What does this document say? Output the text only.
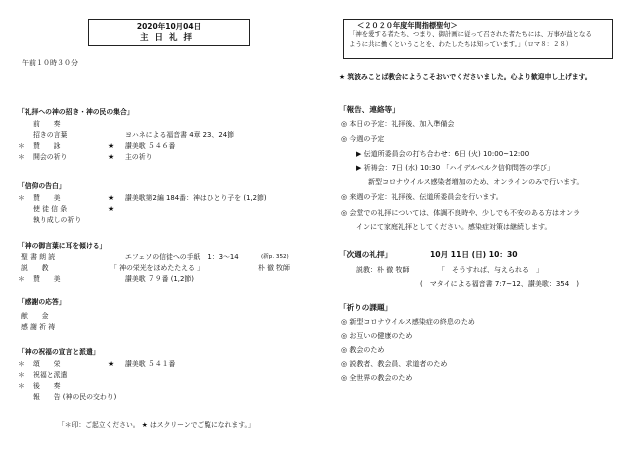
2020年10月04日
主日礼拝
午前１０時３０分
「礼拝への神の招き・神の民の集合」
前　　奏
招きの言葉	ヨハネによる福音書 4章 23、24節
＊ 賛　　詠	★ 讃美歌 ５４６番
＊ 開会の祈り	★ 主の祈り
「信仰の告白」
＊ 賛　　美	★ 讃美歌第2編 184番：神はひとり子を (1,2節)
使 徒 信 条	★
執り成しの祈り
「神の御言葉に耳を傾ける」
聖 書 朗 読	エフェソの信徒への手紙　1：3～14	(新p. 352)
説　　教	「 神の栄光をほめたたえる 」	朴 徹 牧師
＊ 賛　　美	讃美歌 ７９番 (1,2節)
「感謝の応答」
献　　金
感 謝 祈 祷
「神の祝福の宣言と派遣」
＊ 頌　　栄	★ 讃美歌 ５４１番
＊ 祝福と派遣
＊ 後　　奏
報　　告 (神の民の交わり)
「＊印：ご起立ください。 ★ はスクリーンでご覧になれます。」
＜２０２０年度年間指標聖句＞
「神を愛する者たち、つまり、御計画に従って召された者たちには、万事が益となる
ように共に働くということを、わたしたちは知っています。」（ロマ８：２８）
★ 筑波みことば教会にようこそおいでくださいました。心より歓迎申し上げます。
「報告、連絡等」
◎ 本日の予定：礼拝後、加入準備会
◎ 今週の予定
▶ 伝道所委員会の打ち合わせ：6日 (火) 10:00~12:00
▶ 祈祷会：7日 (水) 10:30 「ハイデルベルク信仰問答の学び」
新型コロナウイルス感染者増加のため、オンラインのみで行います。
◎ 来週の予定：礼拝後、伝道所委員会を行います。
◎ 会堂での礼拝については、体調不良時や、少しでも不安のある方はオンラ
インにて家庭礼拝としてください。感染症対策は継続します。
「次週の礼拝」	10月 11日 (日) 10：30
説教：朴 徹 牧師	「　そうすれば、与えられる　」
(　マタイによる福音書 7:7~12、讃美歌：354　)
「祈りの課題」
◎ 新型コロナウイルス感染症の終息のため
◎ お互いの健康のため
◎ 教会のため
◎ 説教者、教会員、求道者のため
◎ 全世界の教会のため
